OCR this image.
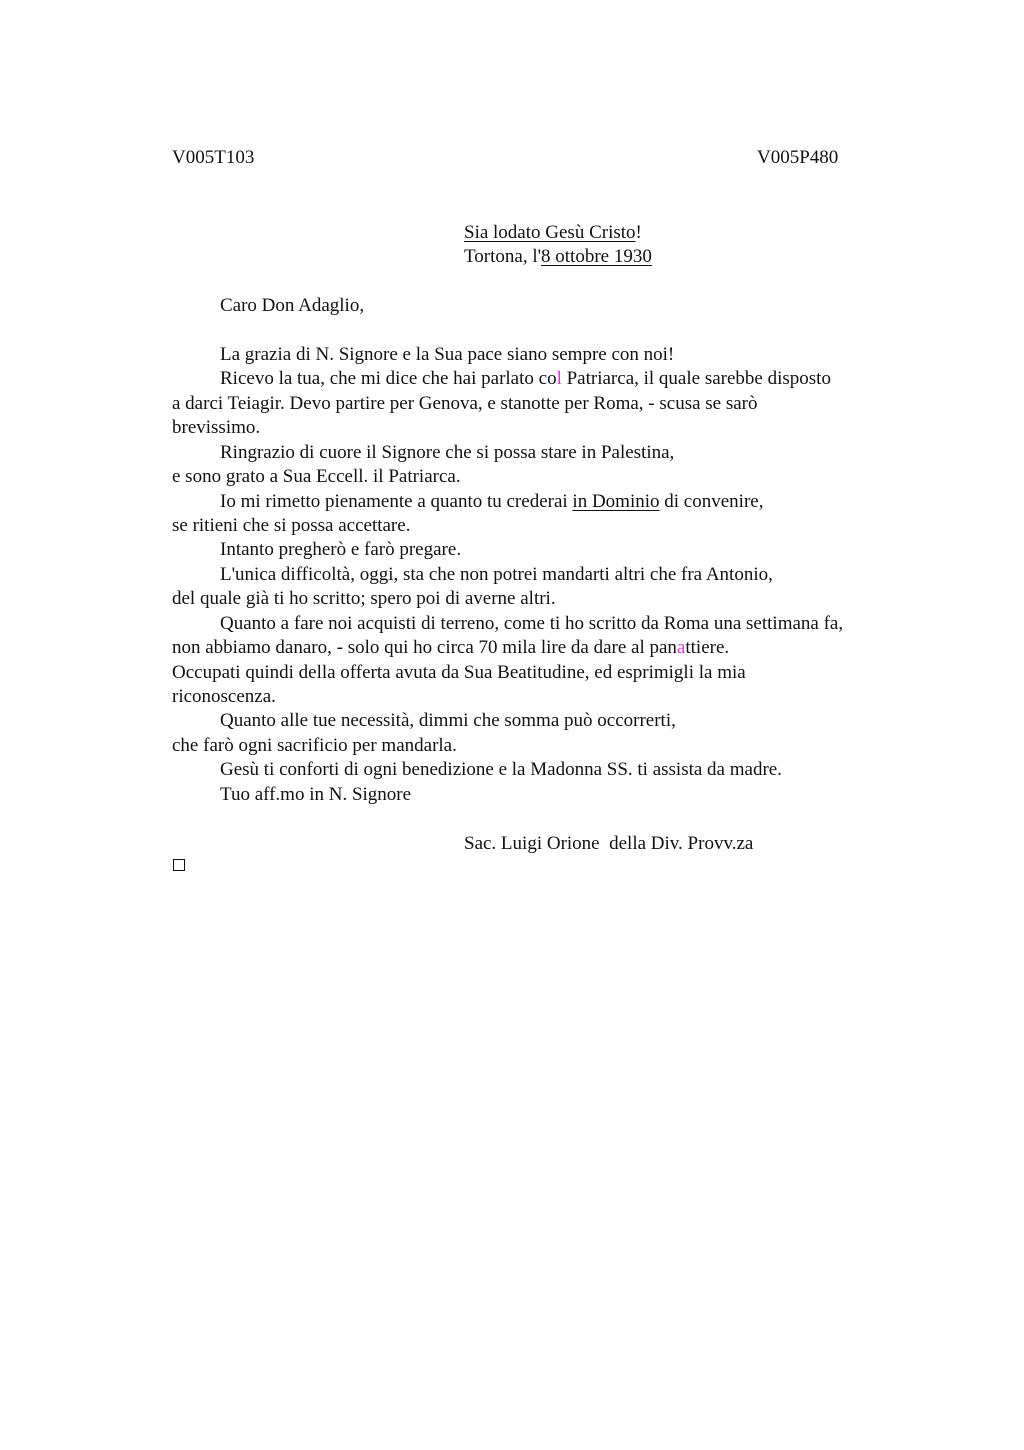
V005T103	V005P480
Sia lodato Gesù Cristo!
Tortona, l'8 ottobre 1930
Caro Don Adaglio,
La grazia di N. Signore e la Sua pace siano sempre con noi!
Ricevo la tua, che mi dice che hai parlato col Patriarca, il quale sarebbe disposto
a darci Teiagir. Devo partire per Genova, e stanotte per Roma, - scusa se sarò
brevissimo.
Ringrazio di cuore il Signore che si possa stare in Palestina,
e sono grato a Sua Eccell. il Patriarca.
Io mi rimetto pienamente a quanto tu crederai in Dominio di convenire,
se ritieni che si possa accettare.
Intanto pregherò e farò pregare.
L'unica difficoltà, oggi, sta che non potrei mandarti altri che fra Antonio,
del quale già ti ho scritto; spero poi di averne altri.
Quanto a fare noi acquisti di terreno, come ti ho scritto da Roma una settimana fa,
non abbiamo danaro, - solo qui ho circa 70 mila lire da dare al panattiere.
Occupati quindi della offerta avuta da Sua Beatitudine, ed esprimigli la mia
riconoscenza.
Quanto alle tue necessità, dimmi che somma può occorrerti,
che farò ogni sacrificio per mandarla.
Gesù ti conforti di ogni benedizione e la Madonna SS. ti assista da madre.
Tuo aff.mo in N. Signore
Sac. Luigi Orione  della Div. Provv.za
